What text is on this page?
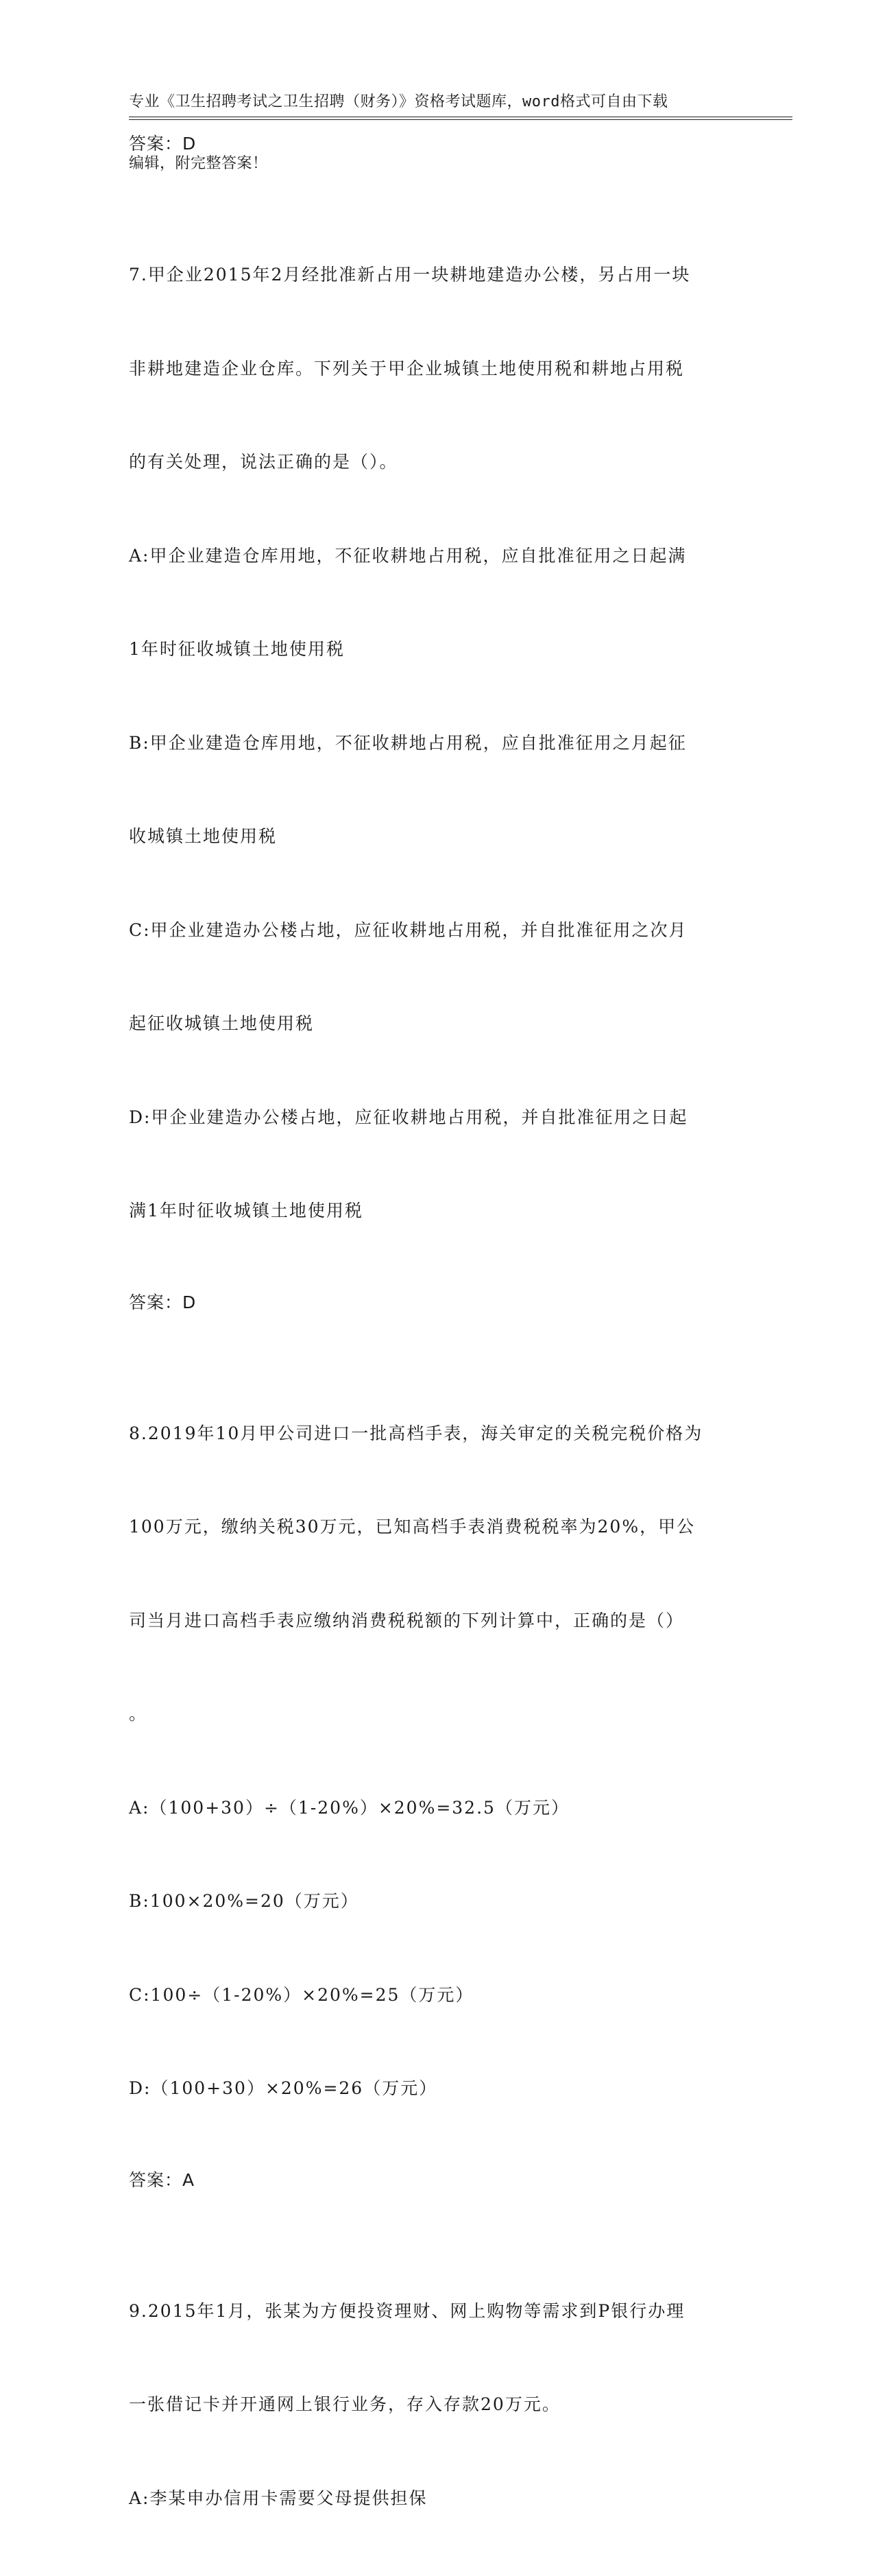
专业《卫生招聘考试之卫生招聘（财务）》资格考试题库，word格式可自由下载

编辑，附完整答案！

答案：D

7.甲企业2015年2月经批准新占用一块耕地建造办公楼，另占用一块

非耕地建造企业仓库。下列关于甲企业城镇土地使用税和耕地占用税

的有关处理，说法正确的是（）。

A:甲企业建造仓库用地，不征收耕地占用税，应自批准征用之日起满

1年时征收城镇土地使用税

B:甲企业建造仓库用地，不征收耕地占用税，应自批准征用之月起征

收城镇土地使用税

C:甲企业建造办公楼占地，应征收耕地占用税，并自批准征用之次月

起征收城镇土地使用税

D:甲企业建造办公楼占地，应征收耕地占用税，并自批准征用之日起

满1年时征收城镇土地使用税

答案：D

8.2019年10月甲公司进口一批高档手表，海关审定的关税完税价格为

100万元，缴纳关税30万元，已知高档手表消费税税率为20%，甲公

司当月进口高档手表应缴纳消费税税额的下列计算中，正确的是（）

。

A:（100+30）÷（1-20%）×20%=32.5（万元）

B:100×20%=20（万元）

C:100÷（1-20%）×20%=25（万元）

D:（100+30）×20%=26（万元）

答案：A

9.2015年1月，张某为方便投资理财、网上购物等需求到P银行办理

一张借记卡并开通网上银行业务，存入存款20万元。

A:李某申办信用卡需要父母提供担保
